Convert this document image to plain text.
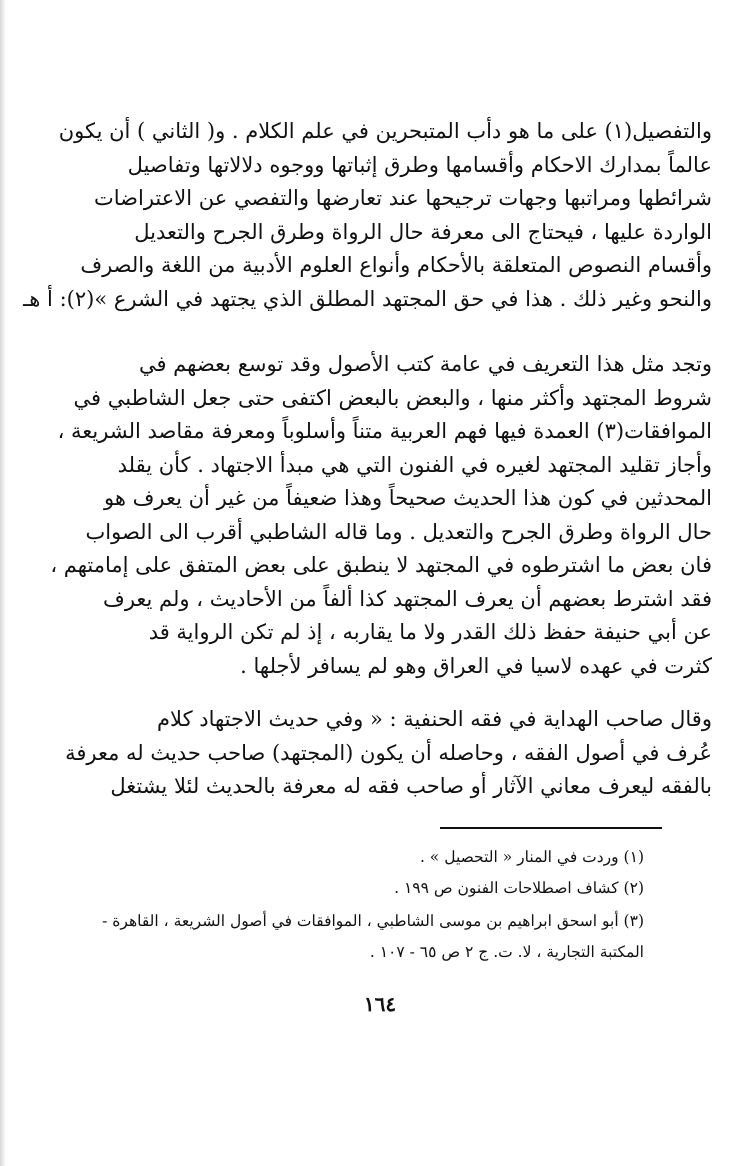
والتفصيل(١) على ما هو دأب المتبحرين في علم الكلام . و( الثاني ) أن يكون
عالماً بمدارك الاحكام وأقسامها وطرق إثباتها ووجوه دلالاتها وتفاصيل
شرائطها ومراتبها وجهات ترجيحها عند تعارضها والتفصي عن الاعتراضات
الواردة عليها ، فيحتاج الى معرفة حال الرواة وطرق الجرح والتعديل
وأقسام النصوص المتعلقة بالأحكام وأنواع العلوم الأدبية من اللغة والصرف
والنحو وغير ذلك . هذا في حق المجتهد المطلق الذي يجتهد في الشرع »(٢): أ هـ
وتجد مثل هذا التعريف في عامة كتب الأصول وقد توسع بعضهم في
شروط المجتهد وأكثر منها ، والبعض بالبعض اكتفى حتى جعل الشاطبي في
الموافقات(٣) العمدة فيها فهم العربية متناً وأسلوباً ومعرفة مقاصد الشريعة ،
وأجاز تقليد المجتهد لغيره في الفنون التي هي مبدأ الاجتهاد . كأن يقلد
المحدثين في كون هذا الحديث صحيحاً وهذا ضعيفاً من غير أن يعرف هو
حال الرواة وطرق الجرح والتعديل . وما قاله الشاطبي أقرب الى الصواب
فان بعض ما اشترطوه في المجتهد لا ينطبق على بعض المتفق على إمامتهم ،
فقد اشترط بعضهم أن يعرف المجتهد كذا ألفاً من الأحاديث ، ولم يعرف
عن أبي حنيفة حفظ ذلك القدر ولا ما يقاربه ، إذ لم تكن الرواية قد
كثرت في عهده لاسيا في العراق وهو لم يسافر لأجلها .
وقال صاحب الهداية في فقه الحنفية : « وفي حديث الاجتهاد كلام
عُرف في أصول الفقه ، وحاصله أن يكون (المجتهد) صاحب حديث له معرفة
بالفقه ليعرف معاني الآثار أو صاحب فقه له معرفة بالحديث لئلا يشتغل
(١) وردت في المنار « التحصيل » .
(٢) كشاف اصطلاحات الفنون ص ١٩٩ .
(٣) أبو اسحق ابراهيم بن موسى الشاطبي ، الموافقات في أصول الشريعة ، القاهرة -
المكتبة التجارية ، لا. ت. ج ٢ ص ٦٥ - ١٠٧ .
١٦٤
